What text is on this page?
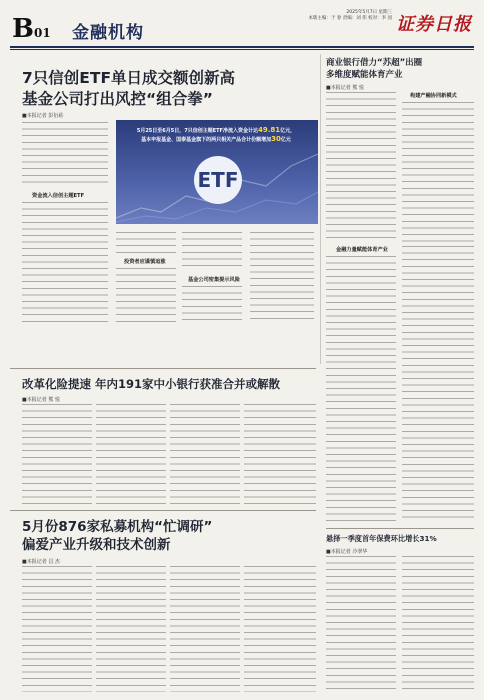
B01 金融机构
2025年5月7日 星期三
本版主编：于 春 责编：刘 伟 校对：李 园 证券日报
7只信创ETF单日成交额创新高
基金公司打出风控“组合拳”
■本报记者 彭衍菘
资金流入信创主题ETF
5月25日至6月5日，7只信创主题ETF净流入资金计达49.81亿元，
基本申报基金、国泰基金旗下的两只相关产品合计份额增加30亿元
ETF
投资者应谨慎追涨
基金公司密集提示风险
商业银行借力“苏超”出圈
多维度赋能体育产业
■本报记者 熊 悦
构建产融协同新模式
金融力量赋能体育产业
改革化险提速 年内191家中小银行获准合并或解散
■本报记者 熊 悦
5月份876家私募机构“忙调研”
偏爱产业升级和技术创新
■本报记者 昌 杰
悬择一季度首年保费环比增长31%
■本报记者 冷翠华
